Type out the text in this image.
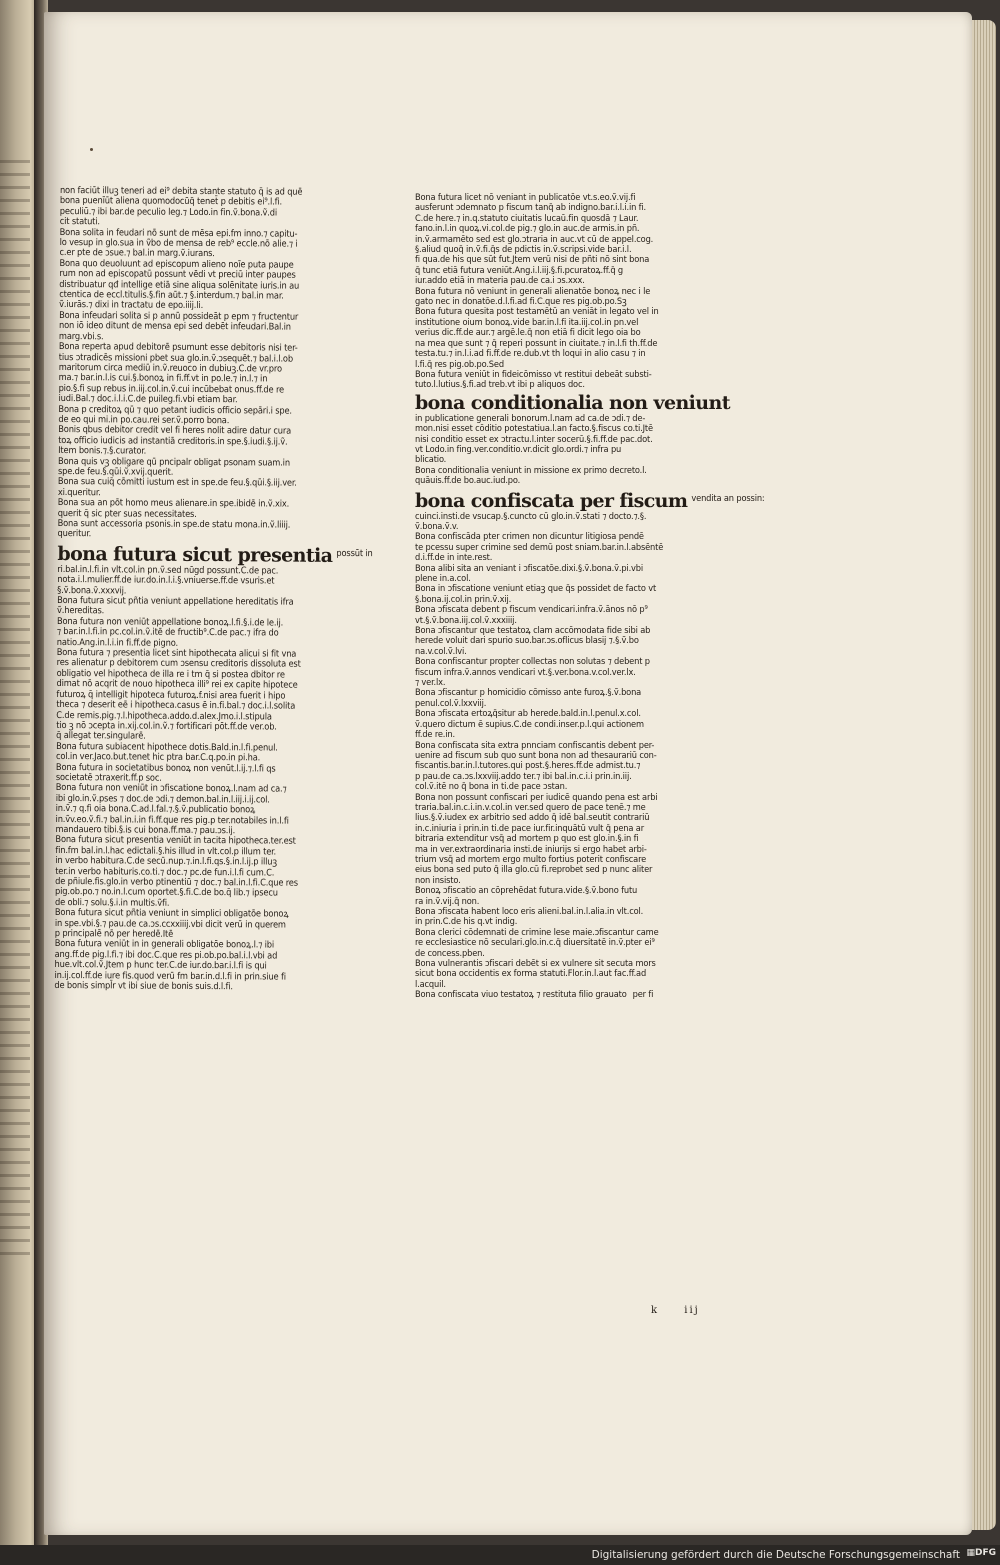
non faciūt illuꝫ teneri ad ei⁹ debita stante statuto q̄ is ad quē
bona puenīūt aliena quomodocūq̄ tenet̄ p debitis ei⁹.l.fi.
peculiū.⁊ ibi bar.de peculio leg.⁊ Lodo.in fin.ṽ.bona.ṽ.di
cit statuti.
Bona solita in feudari nō sunt de mēsa epi.fm inno.⁊ capitu-
lo vesup in glo.sua in ṽbo de mensa de reb⁹ eccle.nō alie.⁊ i
c.er pte de ɔsue.⁊ bal.in marg.ṽ.iurans.
Bona quo deuoluunt ad episcopum alieno noīe puta paupe
rum non ad episcopatū possunt vēdi vt preciū inter paupes
distribuatur qđ intellige etiā sine aliqua solēnitate iuris.in au
ctentica de eccl.titulis.§.fin aūt.⁊ §.interdum.⁊ bal.in mar.
ṽ.iurās.⁊ dixi in tractatu de epo.iiij.li.
Bona infeudari solita si p annū possideāt p epm ⁊ fructentur
non iō ideo ditunt de mensa epi sed debēt infeudari.Bal.in
marg.vbi.s.
Bona reperta apud debitorē psumunt esse debitoris nisi ter-
tius ɔtradicēs missioni pbet sua glo.in.ṽ.ɔsequēt.⁊ bal.i.l.ob
maritorum circa mediū in.ṽ.reuoco in dubiuꝫ.C.de vr.pro
ma.⁊ bar.in.l.is cui.§.bonoꝝ in fi.ff.vt in po.le.⁊ in.l.⁊ in
pio.§.fi sup rebus in.iij.col.in.ṽ.cui incūbebat onus.ff.de re
iudi.Bal.⁊ doc.i.l.i.C.de puileg.fi.vbi etiam bar.
Bona p creditoꝝ qū ⁊ quo petant iudicis officio sepāri.i spe.
de eo qui mi.in po.cau.rei ser.ṽ.porro bona.
Bonis qbus debitor credit vel fi heres nolit adire datur cura
toꝝ officio iudicis ad instantiā creditoris.in spe.§.iudi.§.ij.ṽ.
Item bonis.⁊.§.curator.
Bona quis vꝫ obligare qū pncipalr obligat psonam suam.in
spe.de feu.§.qūi.ṽ.xvij.querit.
Bona sua cuiq̄ cōmitti iustum est in spe.de feu.§.qūi.§.iij.ver.
xi.queritur.
Bona sua an pōt homo meus alienare.in spe.ibidē in.ṽ.xix.
querit q̄ sic pter suas necessitates.
Bona sunt accessoria psonis.in spe.de statu mona.in.ṽ.liiij.
queritur.
bona futura sicut presentia $^{possūt in}$
ri.bal.in.l.fi.in vlt.col.in pn.ṽ.sed nūgd possunt.C.de pac.
nota.i.l.mulier.ff.de iur.do.in.l.i.§.vniuerse.ff.de vsuris.et
§.ṽ.bona.ṽ.xxxvij.
Bona futura sicut pñtia veniunt appellatione hereditatis ifra
ṽ.hereditas.
Bona futura non veniūt appellatione bonoꝝ.l.fi.§.i.de le.ij.
⁊ bar.in.l.fi.in pc.col.in.ṽ.itē de fructib⁹.C.de pac.⁊ ifra do
natio.Ang.in.l.i.in fi.ff.de pigno.
Bona futura ⁊ presentia licet sint hipothecata alicui si fit vna
res alienatur p debitorem cum ɔsensu creditoris dissoluta est
obligatio vel hipotheca de illa re i tm q̄ si postea dbitor re
dimat nō acqrit de nouo hipotheca illi⁹ rei ex capite hipotece
futuroꝝ q̄ intelligit hipoteca futuroꝝ.f.nisi area fuerit i hipo
theca ⁊ deserit eē i hipotheca.casus ē in.fi.bal.⁊ doc.i.l.solita
C.de remis.pig.⁊.l.hipotheca.addo.d.alex.Jmo.i.l.stipula
tio ꝫ nō ɔcepta in.xij.col.in.ṽ.⁊ fortificari pōt.ff.de ver.ob.
q̄ allegat ter.singularē.
Bona futura subiacent hipothece dotis.Bald.in.l.fi.penul.
col.in ver.Jaco.but.tenet hic ptra bar.C.q.po.in pi.ha.
Bona futura in societatibus bonoꝝ non venūt.l.ij.⁊.l.fi qs
societatē ɔtraxerit.ff.p soc.
Bona futura non veniūt in ɔfiscatione bonoꝝ.l.nam ad ca.⁊
ibi glo.in.ṽ.pses ⁊ doc.de ɔdi.⁊ demon.bal.in.l.iij.i.ij.col.
in.ṽ.⁊ q.fi oia bona.C.ad.l.fal.⁊.§.ṽ.publicatio bonoꝝ
in.ṽv.eo.ṽ.fi.⁊ bal.in.i.in fi.ff.que res pig.p ter.notabiles in.l.fi
mandauero tibi.§.is cui bona.ff.ma.⁊ pau.ɔs.ij.
Bona futura sicut presentia veniūt in tacita hipotheca.ter.est
fin.fm bal.in.l.hac edictali.§.his illud in vlt.col.p illum ter.
in verbo habitura.C.de secū.nup.⁊.in.l.fi.qs.§.in.l.ij.p illuꝫ
ter.in verbo habituris.co.ti.⁊ doc.⁊ pc.de fun.i.l.fi cum.C.
de pñiule.fis.glo.in verbo ptinentiū ⁊ doc.⁊ bal.in.l.fi.C.que res
pig.ob.po.⁊ no.in.l.cum oportet.§.fi.C.de bo.q̄ lib.⁊ ipsecu
de obli.⁊ solu.§.i.in multis.ṽfi.
Bona futura sicut pñtia veniunt in simplici obligatōe bonoꝝ
in spe.vbi.§.⁊ pau.de ca.ɔs.ccxxiiij.vbi dicit verū in querem
p principalē nō per heredē.Itē
Bona futura veniūt in in generali obligatōe bonoꝝ.l.⁊ ibi
ang.ff.de pig.l.fi.⁊ ibi doc.C.que res pi.ob.po.bal.i.l.vbi ad
hue.vlt.col.ṽ.Jtem p hunc ter.C.de iur.do.bar.i.l.fi is qui
in.ij.col.ff.de iure fis.quod verū fm bar.in.d.l.fi in prin.siue fi
de bonis simpl̄r vt ibi siue de bonis suis.d.l.fi.
Bona futura licet nō veniant in publicatōe vt.s.eo.ṽ.vij.fi
ausferunt ɔdemnato p fiscum tanq̄ ab indigno.bar.i.l.i.in fi.
C.de here.⁊ in.q.statuto ciuitatis lucaū.fin quosdā ⁊ Laur.
fano.in.l.in quoꝝ.vi.col.de pig.⁊ glo.in auc.de armis.in pñ.
in.ṽ.armamēto sed est glo.ɔtraria in auc.vt cū de appel.cog.
§.aliud quoq̄ in.ṽ.fi.q̄s de pdictis in.ṽ.scripsi.vide bar.i.l.
fi qua.de his que sūt fut.Jtem verū nisi de pñti nō sint bona
q̄ tunc etiā futura veniūt.Ang.i.l.iij.§.fi.pcuratoꝝ.ff.q̄ g
iur.addo etiā in materia pau.de ca.i ɔs.xxx.
Bona futura nō veniunt in generali alienatōe bonoꝝ nec i le
gato nec in donatōe.d.l.fi.ad fi.C.que res pig.ob.po.Sꝫ
Bona futura quesita post testamētū an veniāt in legato vel in
institutione oium bonoꝝ.vide bar.in.l.fi ita.iij.col.in pn.vel
verius dic.ff.de aur.⁊ argē.le.q̄ non etiā fi dicit lego oia bo
na mea que sunt ⁊ q̄ reperi possunt in ciuitate.⁊ in.l.fi th.ff.de
testa.tu.⁊ in.l.i.ad fi.ff.de re.dub.vt th loqui in alio casu ⁊ in
l.fi.q̄ res pig.ob.po.Sed
Bona futura veniūt in fideicōmisso vt restitui debeāt substi-
tuto.l.lutius.§.fi.ad treb.vt ibi p aliquos doc.
bona conditionalia non veniunt
in publicatione generali bonorum.l.nam ad ca.de ɔdi.⁊ de-
mon.nisi esset cōditio potestatiua.l.an facto.§.fiscus co.ti.Jtē
nisi conditio esset ex ɔtractu.l.inter socerū.§.fi.ff.de pac.dot.
vt Lodo.in fing.ver.conditio.vr.dicit glo.ordi.⁊ infra pu
blicatio.
Bona conditionalia veniunt in missione ex primo decreto.l.
quāuis.ff.de bo.auc.iud.po.
bona confiscata per fiscum $^{vendita an possin:}$
cuinci.insti.de vsucap.§.cuncto cū glo.in.ṽ.stati ⁊ docto.⁊.§.
ṽ.bona.ṽ.v.
Bona confiscāda pter crimen non dicuntur litigiosa pendē
te pcessu super crimine sed demū post sniam.bar.in.l.absēntē
d.i.ff.de in inte.rest.
Bona alibi sita an veniant i ɔfiscatōe.dixi.§.ṽ.bona.ṽ.pi.vbi
plene in.a.col.
Bona in ɔfiscatione veniunt etiaꝫ que q̄s possidet de facto vt
§.bona.ij.col.in prin.ṽ.xij.
Bona ɔfiscata debent p fiscum vendicari.infra.ṽ.ānos nō p⁹
vt.§.ṽ.bona.iij.col.ṽ.xxxiiij.
Bona ɔfiscantur que testatoꝝ clam accōmodata fide sibi ab
herede voluit dari spurio suo.bar.ɔs.oflicus blasij ⁊.§.ṽ.bo
na.v.col.ṽ.lvi.
Bona confiscantur propter collectas non solutas ⁊ debent p
fiscum infra.ṽ.annos vendicari vt.§.ver.bona.v.col.ver.lx.
⁊ ver.lx.
Bona ɔfiscantur p homicidio cōmisso ante furoꝝ.§.ṽ.bona
penul.col.ṽ.lxxviij.
Bona ɔfiscata ertoꝝq̄situr ab herede.bald.in.l.penul.x.col.
ṽ.quero dictum ē supius.C.de condi.inser.p.l.qui actionem
ff.de re.in.
Bona confiscata sita extra pnnciam confiscantis debent per-
uenire ad fiscum sub quo sunt bona non ad thesaurariū con-
fiscantis.bar.in.l.tutores.qui post.§.heres.ff.de admist.tu.⁊
p pau.de ca.ɔs.lxxviij.addo ter.⁊ ibi bal.in.c.i.i prin.in.iij.
col.ṽ.itē no q̄ bona in ti.de pace ɔstan.
Bona non possunt confiscari per iudicē quando pena est arbi
traria.bal.in.c.i.in.v.col.in ver.sed quero de pace tenē.⁊ me
lius.§.ṽ.iudex ex arbitrio sed addo q̄ idē bal.seutit contrariū
in.c.iniuria i prin.in ti.de pace iur.fir.inquātū vult q̄ pena ar
bitraria extenditur vsq̄ ad mortem p quo est glo.in.§.in fi
ma in ver.extraordinaria insti.de iniurijs si ergo habet arbi-
trium vsq̄ ad mortem ergo multo fortius poterit confiscare
eius bona sed puto q̄ illa glo.cū fi.reprobet sed p nunc aliter
non insisto.
Bonoꝝ ɔfiscatio an cōprehēdat futura.vide.§.ṽ.bono futu
ra in.ṽ.vij.q̄ non.
Bona ɔfiscata habent loco eris alieni.bal.in.l.alia.in vlt.col.
in prin.C.de his q.vt indig.
Bona clerici cōdemnati de crimine lese maie.ɔfiscantur came
re ecclesiastice nō seculari.glo.in.c.q̄ diuersitatē in.ṽ.pter ei⁹
de concess.pben.
Bona vulnerantis ɔfiscari debēt si ex vulnere sit secuta mors
sicut bona occidentis ex forma statuti.Flor.in.l.aut fac.ff.ad
l.acquil.
Bona confiscata viuo testatoꝝ ⁊ restituta filio grauato per fi
k	iij
Digitalisierung gefördert durch die Deutsche Forschungsgemeinschaft ▦DFG
